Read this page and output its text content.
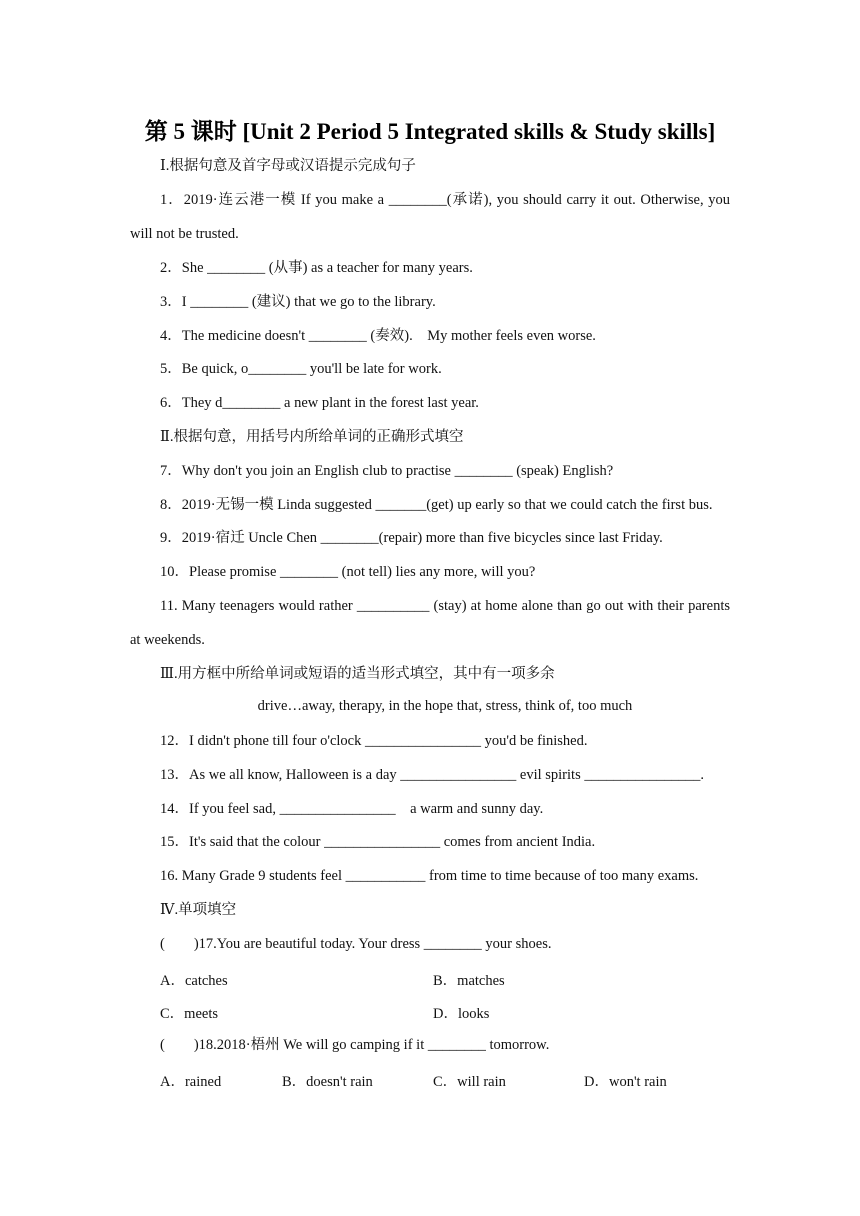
第 5 课时 [Unit 2 Period 5 Integrated skills & Study skills]
Ⅰ.根据句意及首字母或汉语提示完成句子
1．2019·连云港一模 If you make a ________(承诺), you should carry it out. Otherwise, you will not be trusted.
2．She ________ (从事) as a teacher for many years.
3．I ________ (建议) that we go to the library.
4．The medicine doesn't ________ (奏效).　My mother feels even worse.
5．Be quick, o________ you'll be late for work.
6．They d________ a new plant in the forest last year.
Ⅱ.根据句意，用括号内所给单词的正确形式填空
7．Why don't you join an English club to practise ________ (speak) English?
8．2019·无锡一模 Linda suggested _______(get) up early so that we could catch the first bus.
9．2019·宿迁 Uncle Chen ________(repair) more than five bicycles since last Friday.
10．Please promise ________ (not tell) lies any more, will you?
11. Many teenagers would rather __________ (stay) at home alone than go out with their parents at weekends.
Ⅲ.用方框中所给单词或短语的适当形式填空，其中有一项多余
drive…away, therapy, in the hope that, stress, think of, too much
12．I didn't phone till four o'clock ________________ you'd be finished.
13．As we all know, Halloween is a day ________________ evil spirits ________________.
14．If you feel sad, ________________　a warm and sunny day.
15．It's said that the colour ________________ comes from ancient India.
16. Many Grade 9 students feel ___________ from time to time because of too many exams.
Ⅳ.单项填空
(　　)17.You are beautiful today. Your dress ________ your shoes.
A．catches	B．matches
C．meets	D．looks
(　　)18.2018·梧州 We will go camping if it ________ tomorrow.
A．rained	B．doesn't rain	C．will rain	D．won't rain
